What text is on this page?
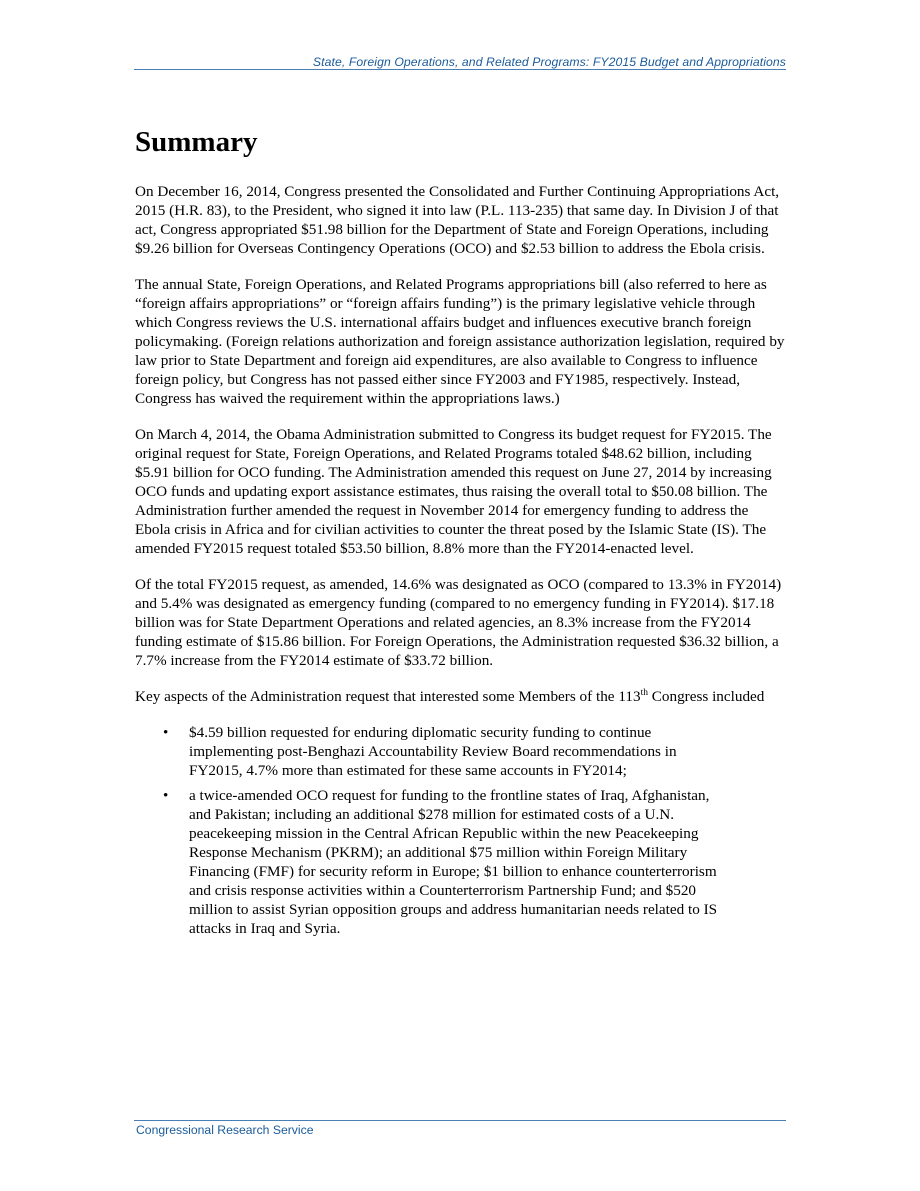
State, Foreign Operations, and Related Programs: FY2015 Budget and Appropriations
Summary

On December 16, 2014, Congress presented the Consolidated and Further Continuing Appropriations Act, 2015 (H.R. 83), to the President, who signed it into law (P.L. 113-235) that same day. In Division J of that act, Congress appropriated $51.98 billion for the Department of State and Foreign Operations, including $9.26 billion for Overseas Contingency Operations (OCO) and $2.53 billion to address the Ebola crisis.

The annual State, Foreign Operations, and Related Programs appropriations bill (also referred to here as “foreign affairs appropriations” or “foreign affairs funding”) is the primary legislative vehicle through which Congress reviews the U.S. international affairs budget and influences executive branch foreign policymaking. (Foreign relations authorization and foreign assistance authorization legislation, required by law prior to State Department and foreign aid expenditures, are also available to Congress to influence foreign policy, but Congress has not passed either since FY2003 and FY1985, respectively. Instead, Congress has waived the requirement within the appropriations laws.)

On March 4, 2014, the Obama Administration submitted to Congress its budget request for FY2015. The original request for State, Foreign Operations, and Related Programs totaled $48.62 billion, including $5.91 billion for OCO funding. The Administration amended this request on June 27, 2014 by increasing OCO funds and updating export assistance estimates, thus raising the overall total to $50.08 billion. The Administration further amended the request in November 2014 for emergency funding to address the Ebola crisis in Africa and for civilian activities to counter the threat posed by the Islamic State (IS). The amended FY2015 request totaled $53.50 billion, 8.8% more than the FY2014-enacted level.

Of the total FY2015 request, as amended, 14.6% was designated as OCO (compared to 13.3% in FY2014) and 5.4% was designated as emergency funding (compared to no emergency funding in FY2014). $17.18 billion was for State Department Operations and related agencies, an 8.3% increase from the FY2014 funding estimate of $15.86 billion. For Foreign Operations, the Administration requested $36.32 billion, a 7.7% increase from the FY2014 estimate of $33.72 billion.

Key aspects of the Administration request that interested some Members of the 113th Congress included

• $4.59 billion requested for enduring diplomatic security funding to continue implementing post-Benghazi Accountability Review Board recommendations in FY2015, 4.7% more than estimated for these same accounts in FY2014;
• a twice-amended OCO request for funding to the frontline states of Iraq, Afghanistan, and Pakistan; including an additional $278 million for estimated costs of a U.N. peacekeeping mission in the Central African Republic within the new Peacekeeping Response Mechanism (PKRM); an additional $75 million within Foreign Military Financing (FMF) for security reform in Europe; $1 billion to enhance counterterrorism and crisis response activities within a Counterterrorism Partnership Fund; and $520 million to assist Syrian opposition groups and address humanitarian needs related to IS attacks in Iraq and Syria.
Congressional Research Service
